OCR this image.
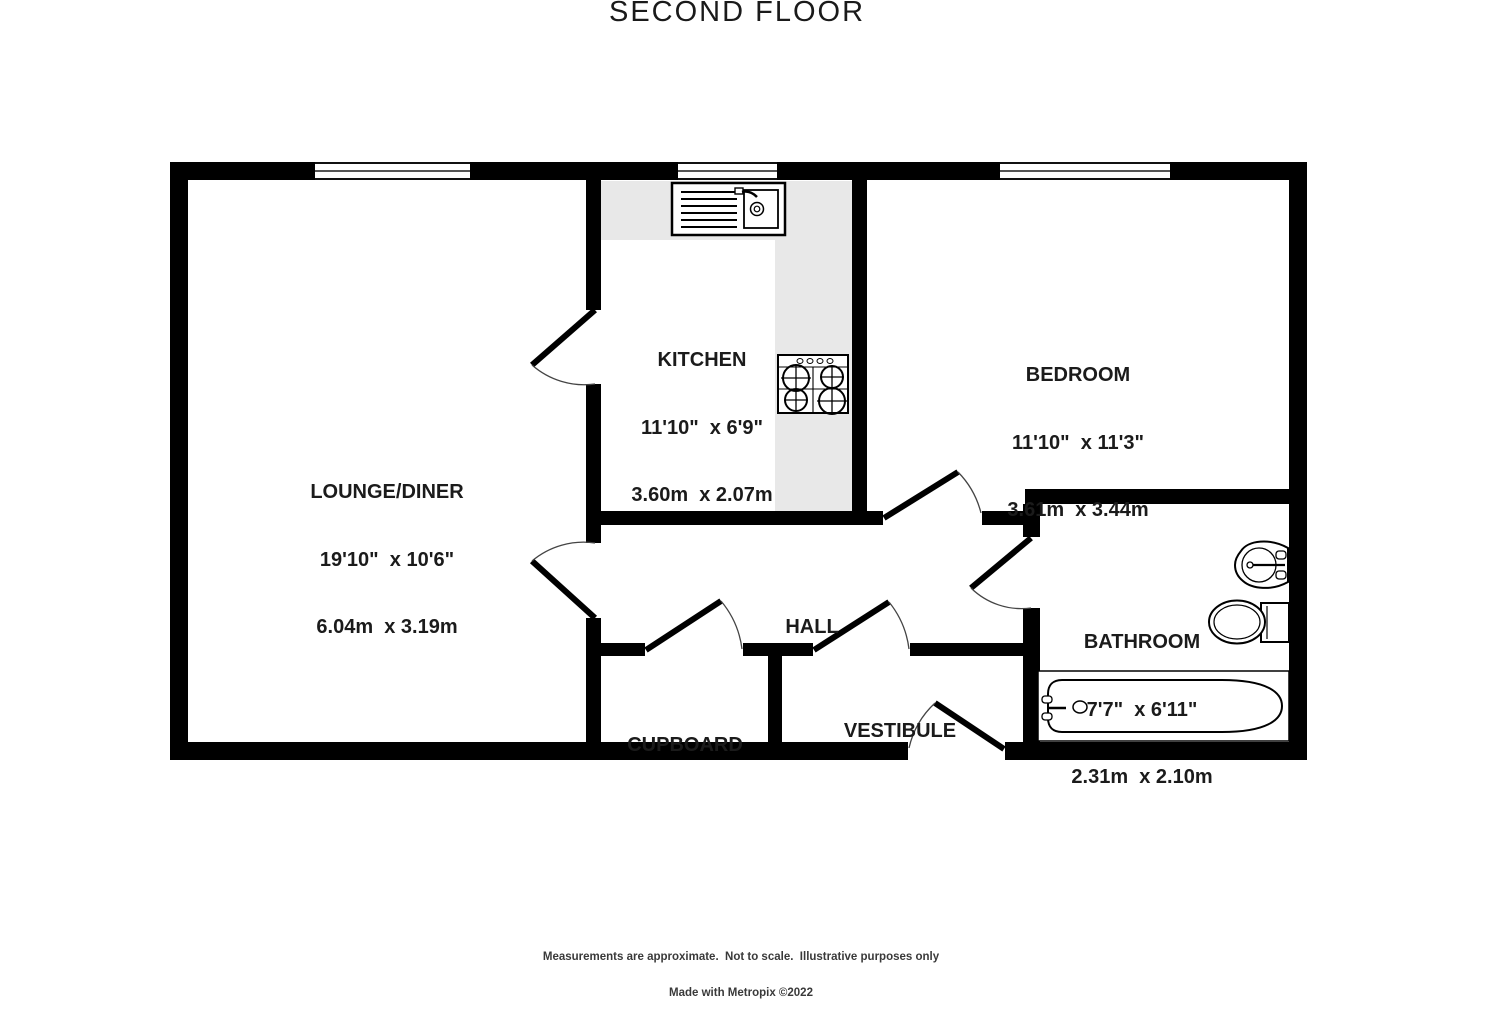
SECOND FLOOR

LOUNGE/DINER

19'10"  x 10'6"

6.04m  x 3.19m

KITCHEN

11'10"  x 6'9"

3.60m  x 2.07m

BEDROOM

11'10"  x 11'3"

3.61m  x 3.44m

HALL

CUPBOARD

VESTIBULE

BATHROOM

7'7"  x 6'11"

2.31m  x 2.10m

Measurements are approximate.  Not to scale.  Illustrative purposes only

Made with Metropix ©2022
